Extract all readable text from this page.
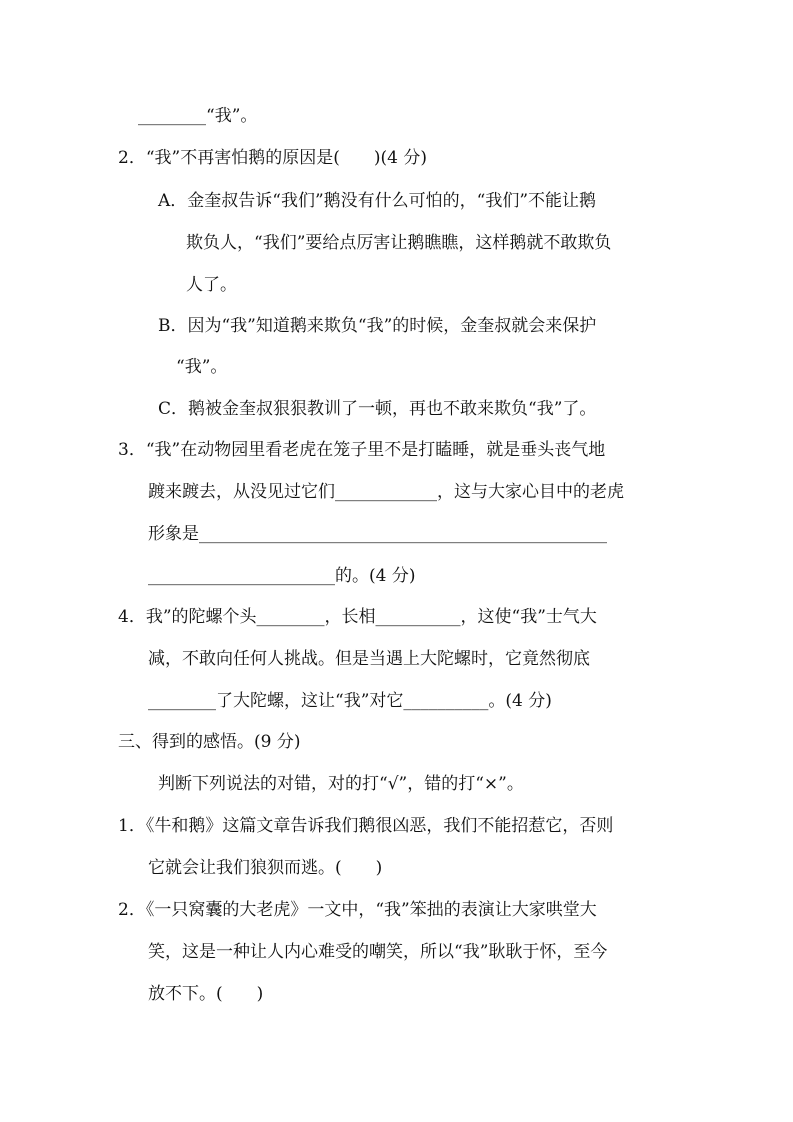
________“我”。
2．“我”不再害怕鹅的原因是(　　)(4 分)
A．金奎叔告诉“我们”鹅没有什么可怕的，“我们”不能让鹅
欺负人，“我们”要给点厉害让鹅瞧瞧，这样鹅就不敢欺负
人了。
B．因为“我”知道鹅来欺负“我”的时候，金奎叔就会来保护
“我”。
C．鹅被金奎叔狠狠教训了一顿，再也不敢来欺负“我”了。
3．“我”在动物园里看老虎在笼子里不是打瞌睡，就是垂头丧气地
踱来踱去，从没见过它们____________，这与大家心目中的老虎
形象是________________________________________________
______________________的。(4 分)
4．我”的陀螺个头________，长相__________，这使“我”士气大
减，不敢向任何人挑战。但是当遇上大陀螺时，它竟然彻底
________了大陀螺，这让“我”对它__________。(4 分)
三、得到的感悟。(9 分)
判断下列说法的对错，对的打“√”，错的打“×”。
1．《牛和鹅》这篇文章告诉我们鹅很凶恶，我们不能招惹它，否则
它就会让我们狼狈而逃。(　　)
2．《一只窝囊的大老虎》一文中，“我”笨拙的表演让大家哄堂大
笑，这是一种让人内心难受的嘲笑，所以“我”耿耿于怀，至今
放不下。(　　)
